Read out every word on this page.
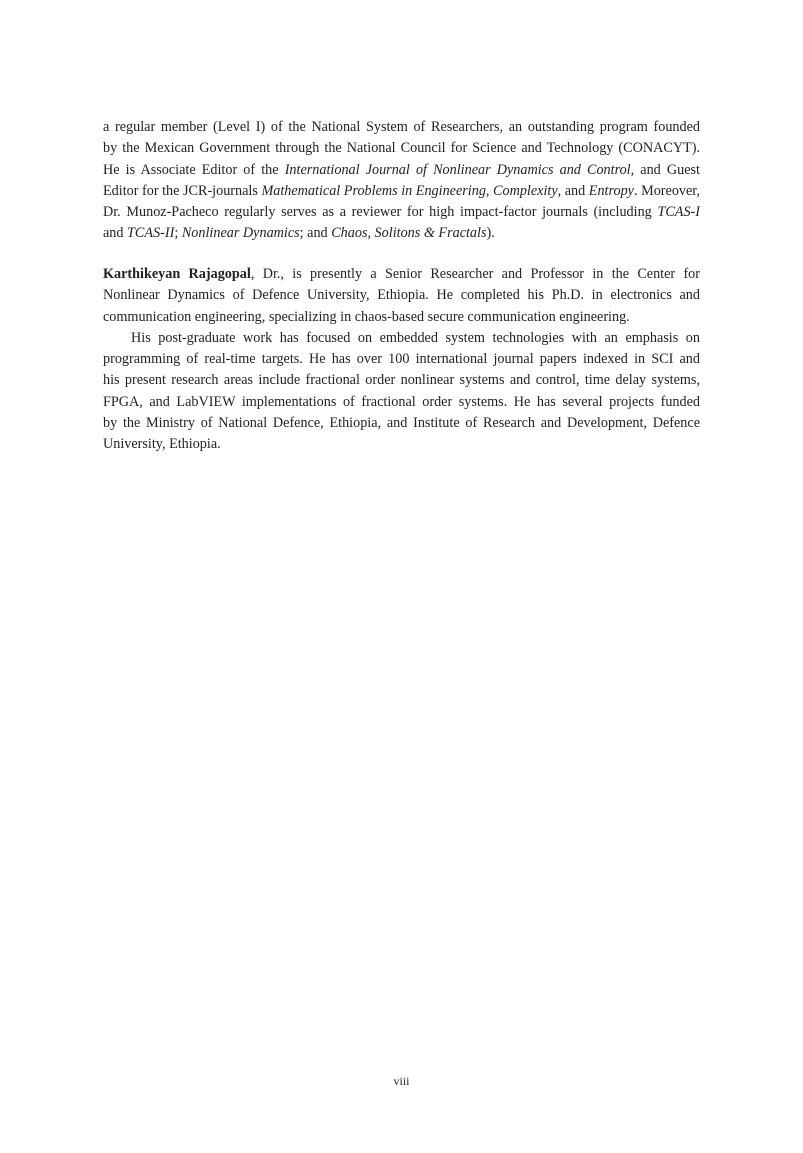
a regular member (Level I) of the National System of Researchers, an outstanding program founded
by the Mexican Government through the National Council for Science and Technology (CONACYT).
He is Associate Editor of the International Journal of Nonlinear Dynamics and Control, and Guest
Editor for the JCR-journals Mathematical Problems in Engineering, Complexity, and Entropy. Moreover,
Dr. Munoz-Pacheco regularly serves as a reviewer for high impact-factor journals (including TCAS-I
and TCAS-II; Nonlinear Dynamics; and Chaos, Solitons & Fractals).
Karthikeyan Rajagopal, Dr., is presently a Senior Researcher and Professor in the Center for
Nonlinear Dynamics of Defence University, Ethiopia. He completed his Ph.D. in electronics and
communication engineering, specializing in chaos-based secure communication engineering.
His post-graduate work has focused on embedded system technologies with an emphasis on
programming of real-time targets. He has over 100 international journal papers indexed in SCI and
his present research areas include fractional order nonlinear systems and control, time delay systems,
FPGA, and LabVIEW implementations of fractional order systems. He has several projects funded
by the Ministry of National Defence, Ethiopia, and Institute of Research and Development, Defence
University, Ethiopia.
viii
